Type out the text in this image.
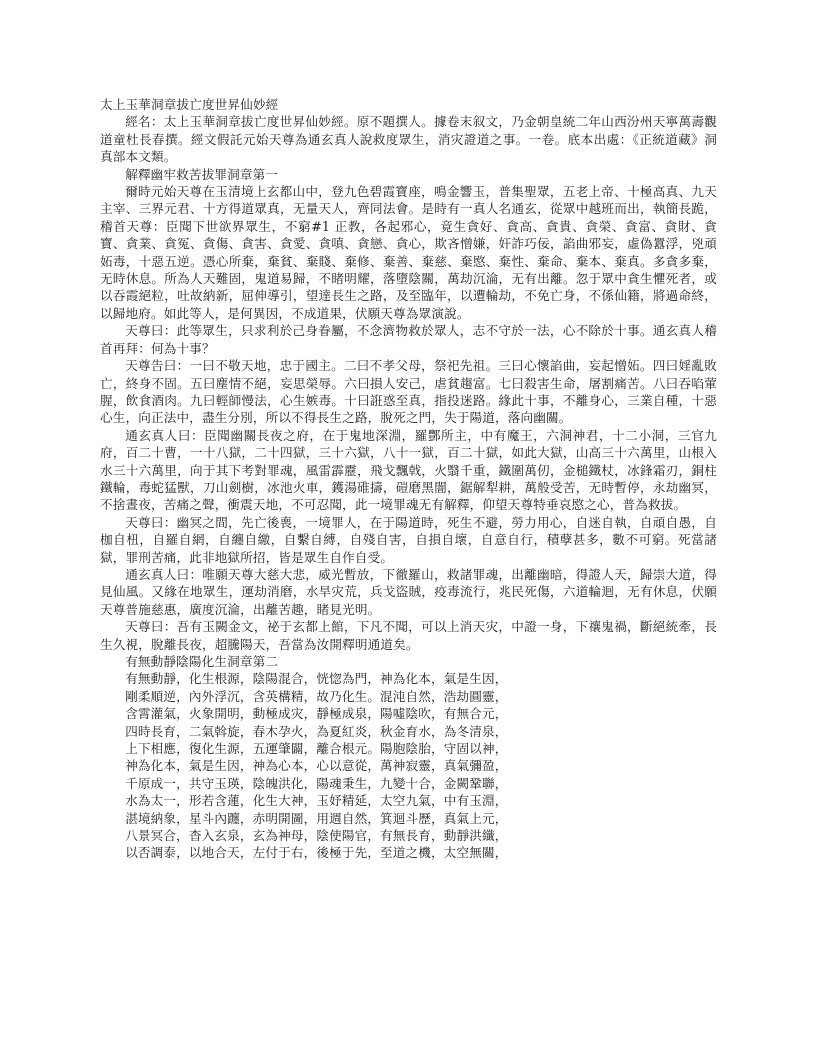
太上玉華洞章拔亡度世昇仙妙經
經名：太上玉華洞章拔亡度世昇仙妙經。原不題撰人。據卷末叙文，乃金朝皇統二年山西汾州天寧萬壽觀道童杜長春撰。經文假託元始天尊為通玄真人說救度眾生，消灾證道之事。一卷。底本出處：《正統道藏》洞真部本文類。
解釋幽牢救苦拔罪洞章第一
爾時元始天尊在玉清境上玄都山中，登九色碧霞寶座，鳴金響玉，普集聖眾，五老上帝、十極高真、九天主宰、三界元君、十方得道眾真，无量天人，齊同法會。是時有一真人名通玄，從眾中越班而出，執簡長跪，稽首天尊：臣聞下世欲界眾生，不窮#1 正教，各起邪心，竟生貪好、貪高、貪貴、貪榮、貪富、貪財、貪寶、貪業、貪冤、貪傷、貪害、貪愛、貪嗔、貪戀、貪心，欺吝憎嫌，奸詐巧佞，諂曲邪妄，虛偽囂浮，兇頑妬毒，十惡五逆。憑心所棄，棄貧、棄賤、棄修、棄善、棄慈、棄愍、棄性、棄命、棄本、棄真。多貪多棄，无時休息。所為人天難固，鬼道易歸，不睹明耀，落墮陰關，萬劫沉淪，无有出離。忽于眾中貪生懼死者，或以吞霞絕粒，吐故納新，屈伸導引，望達長生之路，及至臨年，以遭輪劫，不免亡身，不係仙籍，將過命終，以歸地府。如此等人，是何異因，不成道果，伏願天尊為眾演說。
天尊曰：此等眾生，只求利於己身眷屬，不念濟物救於眾人，志不守於一法，心不除於十事。通玄真人稽首再拜：何為十事？
天尊告曰：一曰不敬天地，忠于國主。二曰不孝父母，祭祀先祖。三曰心懷諂曲，妄起憎妬。四曰婬亂敗亡，終身不固。五曰塵情不絕，妄思榮辱。六曰損人安己，虐貧趨富。七曰殺害生命，屠割痛苦。八曰吞啗葷腥，飲食酒肉。九曰輕師慢法，心生嫉毒。十曰誑惑至真，指投迷路。緣此十事，不離身心，三業自種，十惡心生，向正法中，盡生分別，所以不得長生之路，脫死之門，失于陽道，落向幽關。
通玄真人曰：臣聞幽關長夜之府，在于鬼地深淵，羅酆所主，中有魔王，六洞神君，十二小洞，三官九府，百二十曹，一十八獄，二十四獄，三十六獄，八十一獄，百二十獄，如此大獄，山高三十六萬里，山根入水三十六萬里，向于其下考對罪魂，風雷霹靂，飛戈飄戟，火翳千重，鐵圍萬仞，金槌鐵杖，冰鋒霜刃，銅柱鐵輪，毒蛇猛獸，刀山劍樹，冰池火車，鑊湯碓擣，磑磨黑闇，鋸解犁耕，萬般受苦，无時暫停，永劫幽冥，不捨晝夜，苦痛之聲，衝震天地，不可忍聞，此一境罪魂无有解釋，仰望天尊特垂哀愍之心，普為救拔。
天尊曰：幽冥之間，先亡後喪，一境罪人，在于陽道時，死生不避，勞力用心，自迷自執，自頑自愚，自枷自杻，自羅自網，自纏自繳，自繫自縛，自殘自害，自損自壞，自意自行，積孽甚多，數不可窮。死當諸獄，罪刑苦痛，此非地獄所招，皆是眾生自作自受。
通玄真人曰：唯願天尊大慈大悲，威光暫放，下徹羅山，救諸罪魂，出離幽暗，得證人天，歸崇大道，得見仙風。又緣在地眾生，運劫消磨，水旱灾荒，兵戈盜賊，疫毒流行，兆民死傷，六道輪迴，无有休息，伏願天尊普施慈惠，廣度沉淪，出離苦趣，睹見光明。
天尊曰：吾有玉闕金文，祕于玄都上館，下凡不聞，可以上消天灾，中證一身，下禳鬼禍，斷絕統牽，長生久視，脫離長夜，超騰陽天，吾當為汝開釋明通道矣。
有無動靜陰陽化生洞章第二
有無動靜，化生根源，陰陽混合，恍惚為門，神為化本，氣是生因，
剛柔順逆，內外浮沉，含英構精，故乃化生。混沌自然，浩劫圓靈，
含霄灌氣，火象開明，動極成灾，靜極成泉，陽噓陰吹，有無合元，
四時長育，二氣斡旋，春木孕火，為夏紅炎，秋金育水，為冬清泉，
上下相應，復化生源，五運肇闢，離合根元。陽胞陰胎，守固以神，
神為化本，氣是生因，神為心本，心以意從，萬神寂靈，真氣彌盈，
千原成一，共守玉瑛，陰魄洪化，陽魂秉生，九變十合，金闕鞏聯，
水為太一，形若含蓮，化生大神，玉妤精延，太空九氣，中有玉淵，
湛境納象，星斗內躔，赤明開圖，用週自然，箕迴斗歷，真氣上元，
八景冥合，杳入玄泉，玄為神母，陰使陽官，有無長育，動靜洪纖，
以否調泰，以地合天，左付于右，後極于先，至道之機，太空無關，
